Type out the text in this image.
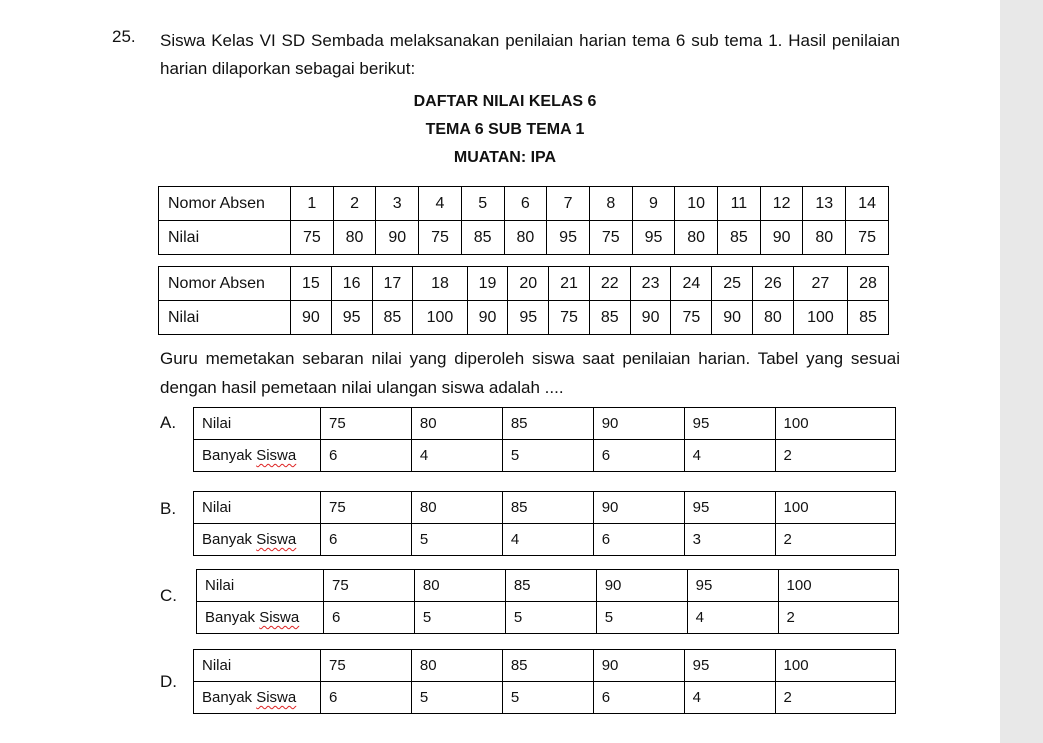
25. Siswa Kelas VI SD Sembada melaksanakan penilaian harian tema 6 sub tema 1. Hasil penilaian harian dilaporkan sebagai berikut:

DAFTAR NILAI KELAS 6

TEMA 6 SUB TEMA 1

MUATAN: IPA

Nomor Absen	1	2	3	4	5	6	7	8	9	10	11	12	13	14
Nilai	75	80	90	75	85	80	95	75	95	80	85	90	80	75
Nomor Absen	15	16	17	18	19	20	21	22	23	24	25	26	27	28
Nilai	90	95	85	100	90	95	75	85	90	75	90	80	100	85

Guru memetakan sebaran nilai yang diperoleh siswa saat penilaian harian. Tabel yang sesuai dengan hasil pemetaan nilai ulangan siswa adalah ....

A. Nilai	75	80	85	90	95	100
Banyak Siswa	6	4	5	6	4	2
B. Nilai	75	80	85	90	95	100
Banyak Siswa	6	5	4	6	3	2
C.
Nilai	75	80	85	90	95	100
Banyak Siswa	6	5	5	5	4	2
D.
Nilai	75	80	85	90	95	100
Banyak Siswa	6	5	5	6	4	2
